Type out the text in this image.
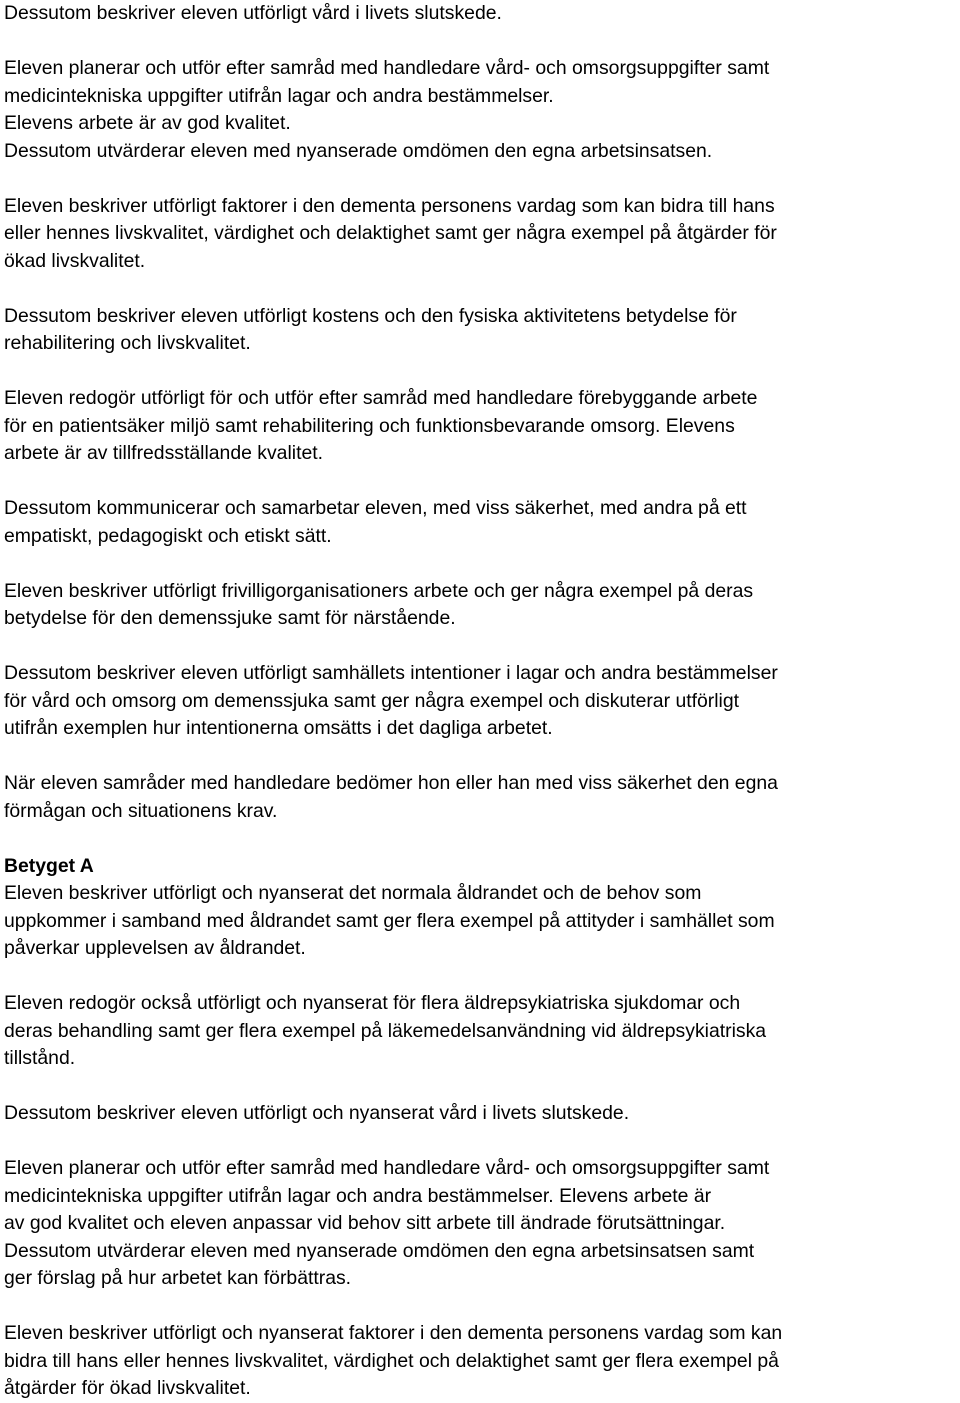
Dessutom beskriver eleven utförligt vård i livets slutskede.
Eleven planerar och utför efter samråd med handledare vård- och omsorgsuppgifter samt
medicintekniska uppgifter utifrån lagar och andra bestämmelser.
Elevens arbete är av god kvalitet.
Dessutom utvärderar eleven med nyanserade omdömen den egna arbetsinsatsen.
Eleven beskriver utförligt faktorer i den dementa personens vardag som kan bidra till hans
eller hennes livskvalitet, värdighet och delaktighet samt ger några exempel på åtgärder för
ökad livskvalitet.
Dessutom beskriver eleven utförligt kostens och den fysiska aktivitetens betydelse för
rehabilitering och livskvalitet.
Eleven redogör utförligt för och utför efter samråd med handledare förebyggande arbete
för en patientsäker miljö samt rehabilitering och funktionsbevarande omsorg. Elevens
arbete är av tillfredsställande kvalitet.
Dessutom kommunicerar och samarbetar eleven, med viss säkerhet, med andra på ett
empatiskt, pedagogiskt och etiskt sätt.
Eleven beskriver utförligt frivilligorganisationers arbete och ger några exempel på deras
betydelse för den demenssjuke samt för närstående.
Dessutom beskriver eleven utförligt samhällets intentioner i lagar och andra bestämmelser
för vård och omsorg om demenssjuka samt ger några exempel och diskuterar utförligt
utifrån exemplen hur intentionerna omsätts i det dagliga arbetet.
När eleven samråder med handledare bedömer hon eller han med viss säkerhet den egna
förmågan och situationens krav.
Betyget A
Eleven beskriver utförligt och nyanserat det normala åldrandet och de behov som
uppkommer i samband med åldrandet samt ger flera exempel på attityder i samhället som
påverkar upplevelsen av åldrandet.
Eleven redogör också utförligt och nyanserat för flera äldrepsykiatriska sjukdomar och
deras behandling samt ger flera exempel på läkemedelsanvändning vid äldrepsykiatriska
tillstånd.
Dessutom beskriver eleven utförligt och nyanserat vård i livets slutskede.
Eleven planerar och utför efter samråd med handledare vård- och omsorgsuppgifter samt
medicintekniska uppgifter utifrån lagar och andra bestämmelser. Elevens arbete är
av god kvalitet och eleven anpassar vid behov sitt arbete till ändrade förutsättningar.
Dessutom utvärderar eleven med nyanserade omdömen den egna arbetsinsatsen samt
ger förslag på hur arbetet kan förbättras.
Eleven beskriver utförligt och nyanserat faktorer i den dementa personens vardag som kan
bidra till hans eller hennes livskvalitet, värdighet och delaktighet samt ger flera exempel på
åtgärder för ökad livskvalitet.
